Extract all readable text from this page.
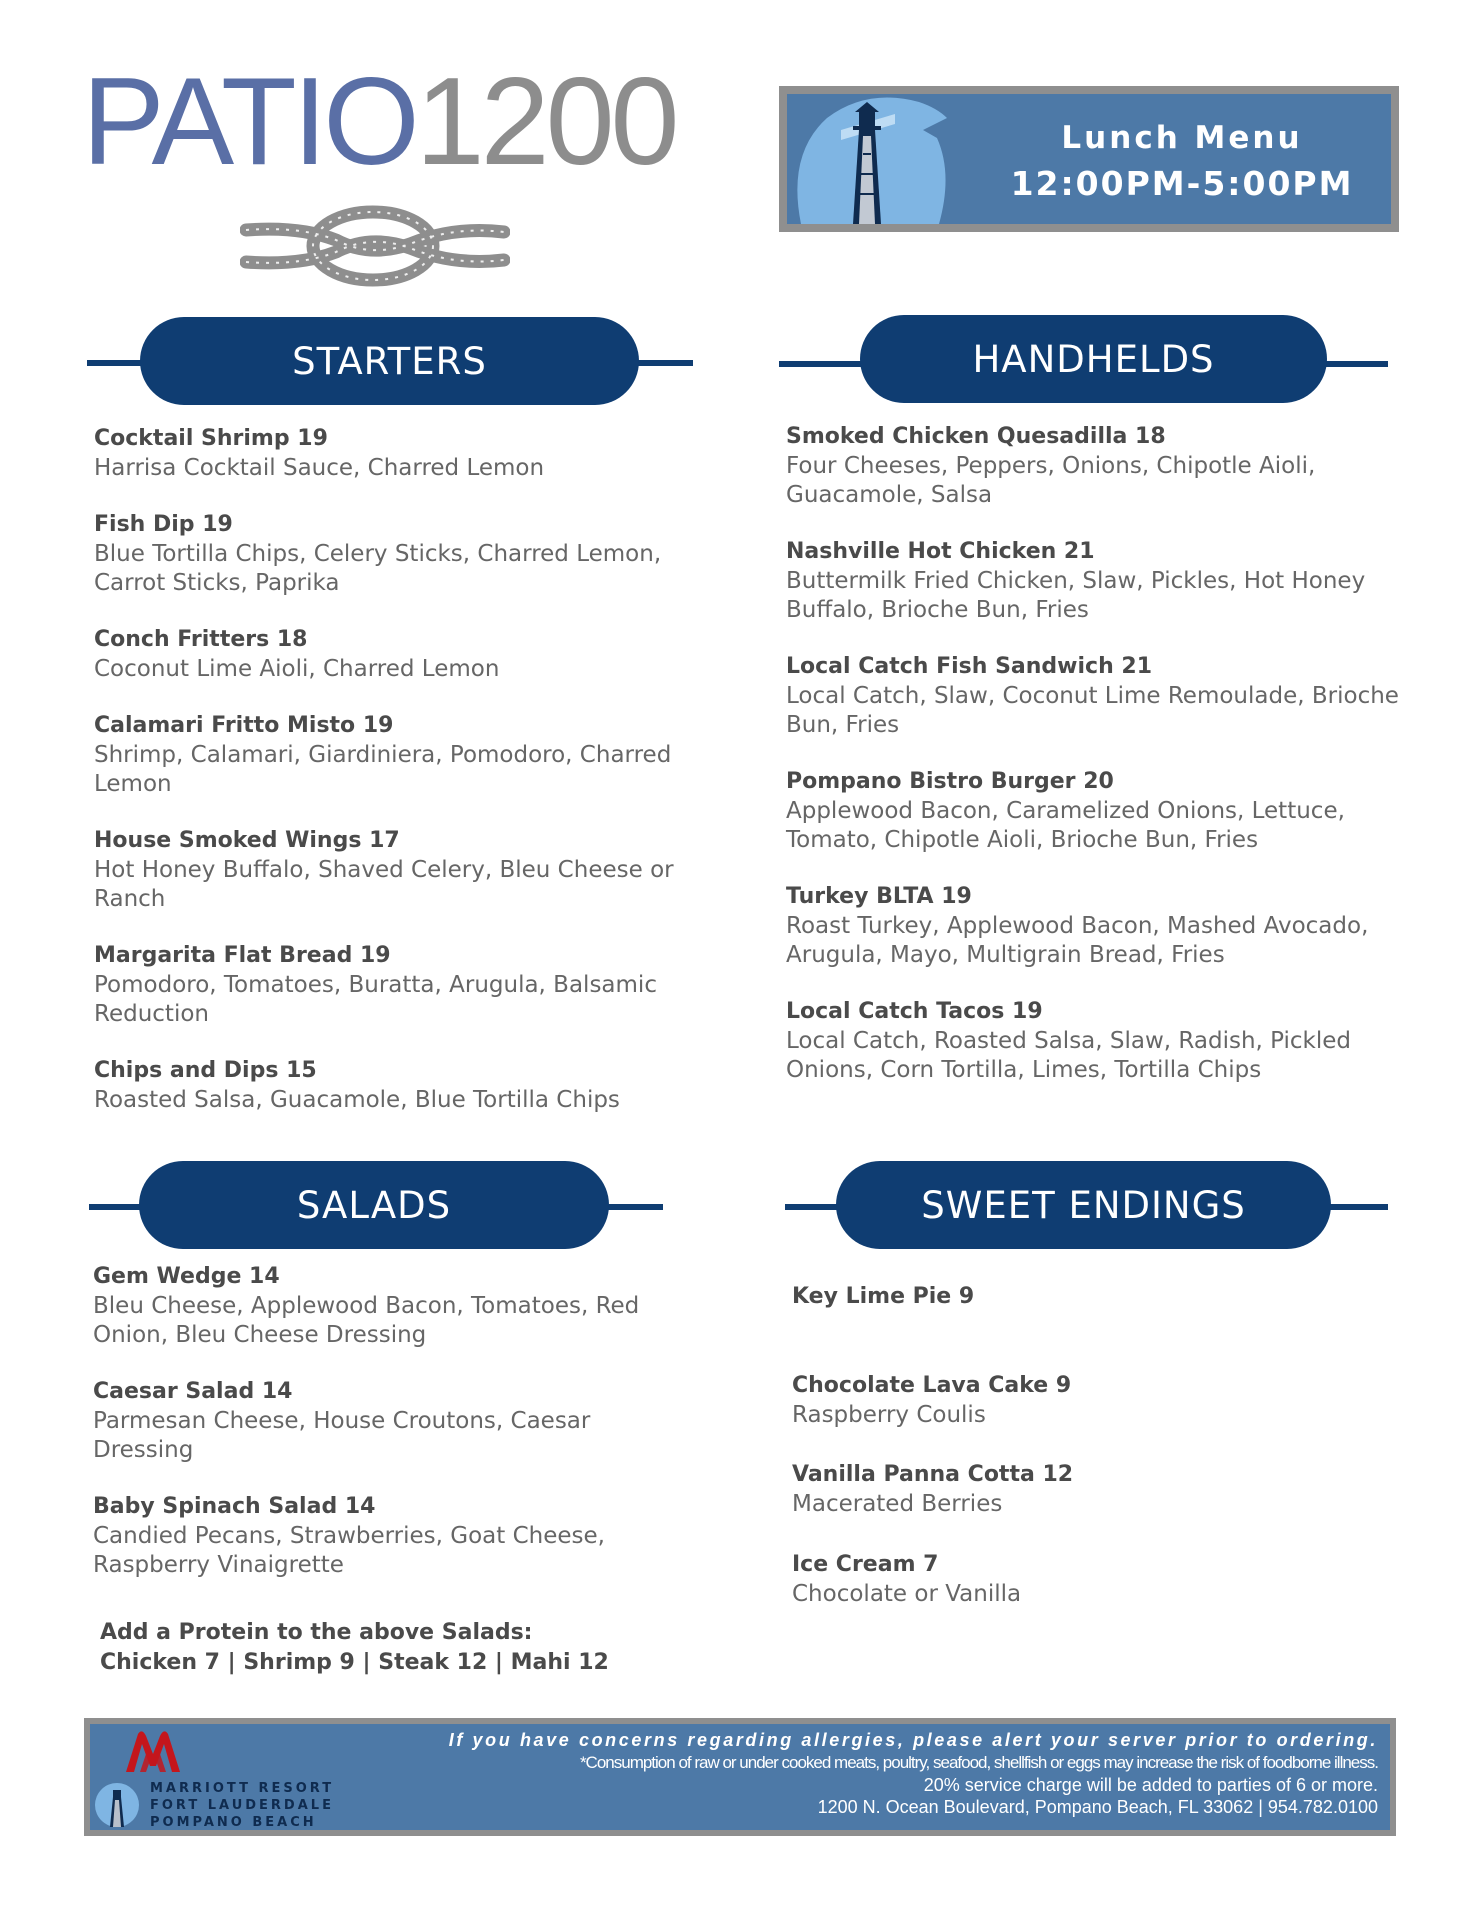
PATIO1200	Lunch Menu
12:00PM-5:00PM
STARTERS	HANDHELDS
SALADS	SWEET ENDINGS
Cocktail Shrimp 19
Harrisa Cocktail Sauce, Charred Lemon
Fish Dip 19
Blue Tortilla Chips, Celery Sticks, Charred Lemon, Carrot Sticks, Paprika
Conch Fritters 18
Coconut Lime Aioli, Charred Lemon
Calamari Fritto Misto 19
Shrimp, Calamari, Giardiniera, Pomodoro, Charred Lemon
House Smoked Wings 17
Hot Honey Buffalo, Shaved Celery, Bleu Cheese or Ranch
Margarita Flat Bread 19
Pomodoro, Tomatoes, Buratta, Arugula, Balsamic Reduction
Chips and Dips 15
Roasted Salsa, Guacamole, Blue Tortilla Chips
Smoked Chicken Quesadilla 18
Four Cheeses, Peppers, Onions, Chipotle Aioli, Guacamole, Salsa
Nashville Hot Chicken 21
Buttermilk Fried Chicken, Slaw, Pickles, Hot Honey Buffalo, Brioche Bun, Fries
Local Catch Fish Sandwich 21
Local Catch, Slaw, Coconut Lime Remoulade, Brioche Bun, Fries
Pompano Bistro Burger 20
Applewood Bacon, Caramelized Onions, Lettuce, Tomato, Chipotle Aioli, Brioche Bun, Fries
Turkey BLTA 19
Roast Turkey, Applewood Bacon, Mashed Avocado, Arugula, Mayo, Multigrain Bread, Fries
Local Catch Tacos 19
Local Catch, Roasted Salsa, Slaw, Radish, Pickled Onions, Corn Tortilla, Limes, Tortilla Chips
Gem Wedge 14
Bleu Cheese, Applewood Bacon, Tomatoes, Red Onion, Bleu Cheese Dressing
Caesar Salad 14
Parmesan Cheese, House Croutons, Caesar Dressing
Baby Spinach Salad 14
Candied Pecans, Strawberries, Goat Cheese, Raspberry Vinaigrette
Add a Protein to the above Salads:
Chicken 7 | Shrimp 9 | Steak 12 | Mahi 12
Key Lime Pie 9
Chocolate Lava Cake 9
Raspberry Coulis
Vanilla Panna Cotta 12
Macerated Berries
Ice Cream 7
Chocolate or Vanilla
MARRIOTT RESORT
FORT LAUDERDALE
POMPANO BEACH
If you have concerns regarding allergies, please alert your server prior to ordering.
*Consumption of raw or under cooked meats, poultry, seafood, shellfish or eggs may increase the risk of foodborne illness.
20% service charge will be added to parties of 6 or more.
1200 N. Ocean Boulevard, Pompano Beach, FL 33062 | 954.782.0100
